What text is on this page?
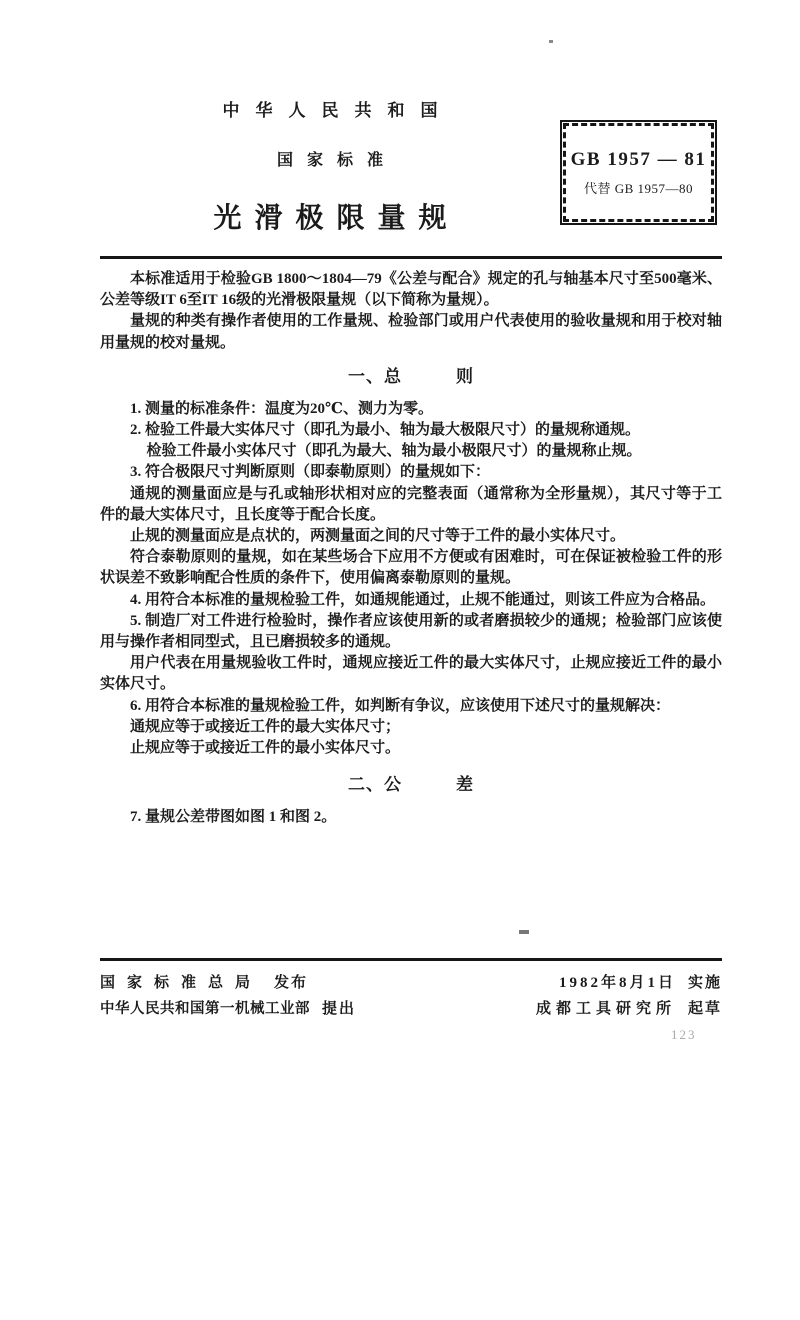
中华人民共和国
国家标准
光滑极限量规
GB 1957 — 81
代替 GB 1957—80

本标准适用于检验GB 1800～1804—79《公差与配合》规定的孔与轴基本尺寸至500毫米、公差等级IT 6至IT 16级的光滑极限量规（以下简称为量规）。

量规的种类有操作者使用的工作量规、检验部门或用户代表使用的验收量规和用于校对轴用量规的校对量规。

一、总　　　则

1. 测量的标准条件：温度为20℃、测力为零。

2. 检验工件最大实体尺寸（即孔为最小、轴为最大极限尺寸）的量规称通规。

检验工件最小实体尺寸（即孔为最大、轴为最小极限尺寸）的量规称止规。

3. 符合极限尺寸判断原则（即泰勒原则）的量规如下：

通规的测量面应是与孔或轴形状相对应的完整表面（通常称为全形量规），其尺寸等于工件的最大实体尺寸，且长度等于配合长度。

止规的测量面应是点状的，两测量面之间的尺寸等于工件的最小实体尺寸。

符合泰勒原则的量规，如在某些场合下应用不方便或有困难时，可在保证被检验工件的形状误差不致影响配合性质的条件下，使用偏离泰勒原则的量规。

4. 用符合本标准的量规检验工件，如通规能通过，止规不能通过，则该工件应为合格品。

5. 制造厂对工件进行检验时，操作者应该使用新的或者磨损较少的通规；检验部门应该使用与操作者相同型式，且已磨损较多的通规。

用户代表在用量规验收工件时，通规应接近工件的最大实体尺寸，止规应接近工件的最小实体尺寸。

6. 用符合本标准的量规检验工件，如判断有争议，应该使用下述尺寸的量规解决：

通规应等于或接近工件的最大实体尺寸；

止规应等于或接近工件的最小实体尺寸。

二、公　　　差

7. 量规公差带图如图 1 和图 2。

国家标准总局 发布	1982年8月1日 实施
中华人民共和国第一机械工业部 提出	成都工具研究所 起草
123
